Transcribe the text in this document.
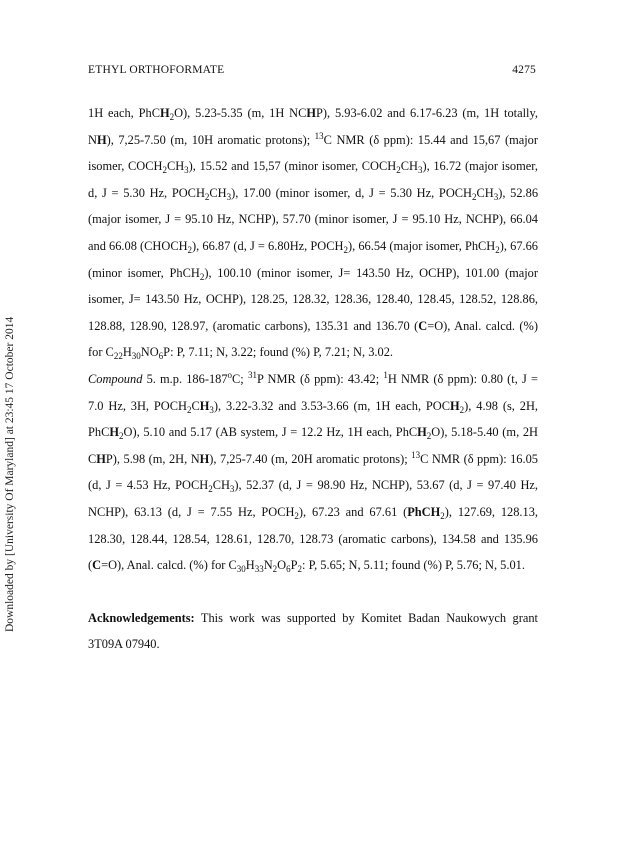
ETHYL ORTHOFORMATE	4275
Downloaded by [University Of Maryland] at 23:45 17 October 2014

1H each, PhCH$_2$O), 5.23-5.35 (m, 1H NCHP), 5.93-6.02 and 6.17-6.23 (m, 1H totally, NH), 7,25-7.50 (m, 10H aromatic protons); $^{13}$C NMR (δ ppm): 15.44 and 15,67 (major isomer, $COCH_2CH_3$), 15.52 and 15,57 (minor isomer, $COCH_2CH_3$), 16.72 (major isomer, d, J = 5.30 Hz, $POCH_2CH_3$), 17.00 (minor isomer, d, J = 5.30 Hz, $POCH_2CH_3$), 52.86 (major isomer, J = 95.10 Hz, NCHP), 57.70 (minor isomer, J = 95.10 Hz, NCHP), 66.04 and 66.08 $(CHOCH_2)$, 66.87 (d, J = 6.80Hz, $POCH_2$), 66.54 (major isomer, PhCH$_2$), 67.66 (minor isomer, PhCH$_2$), 100.10 (minor isomer, J= 143.50 Hz, OCHP), 101.00 (major isomer, J= 143.50 Hz, OCHP), 128.25, 128.32, 128.36, 128.40, 128.45, 128.52, 128.86, 128.88, 128.90, 128.97, (aromatic carbons), 135.31 and 136.70 (C=O), Anal. calcd. (%) for $C_{22}H_{30}NO_6P$: P, 7.11; N, 3.22; found (%) P, 7.21; N, 3.02.

Compound 5. m.p. 186-187$^o$C; $^{31}$P NMR (δ ppm): 43.42; $^1$H NMR (δ ppm): 0.80 (t, J = 7.0 Hz, 3H, $POCH_2CH_3$), 3.22-3.32 and 3.53-3.66 (m, 1H each, $POCH_2$), 4.98 (s, 2H, PhCH$_2$O), 5.10 and 5.17 (AB system, J = 12.2 Hz, 1H each, PhCH$_2$O), 5.18-5.40 (m, 2H CHP), 5.98 (m, 2H, NH), 7,25-7.40 (m, 20H aromatic protons); $^{13}$C NMR (δ ppm): 16.05 (d, J = 4.53 Hz, $POCH_2CH_3$), 52.37 (d, J = 98.90 Hz, NCHP), 53.67 (d, J = 97.40 Hz, NCHP), 63.13 (d, J = 7.55 Hz, $POCH_2$), 67.23 and 67.61 (PhCH$_2$), 127.69, 128.13, 128.30, 128.44, 128.54, 128.61, 128.70, 128.73 (aromatic carbons), 134.58 and 135.96 (C=O), Anal. calcd. (%) for $C_{30}H_{33}N_2O_6P_2$: P, 5.65; N, 5.11; found (%) P, 5.76; N, 5.01.

Acknowledgements: This work was supported by Komitet Badan Naukowych grant 3T09A 07940.
